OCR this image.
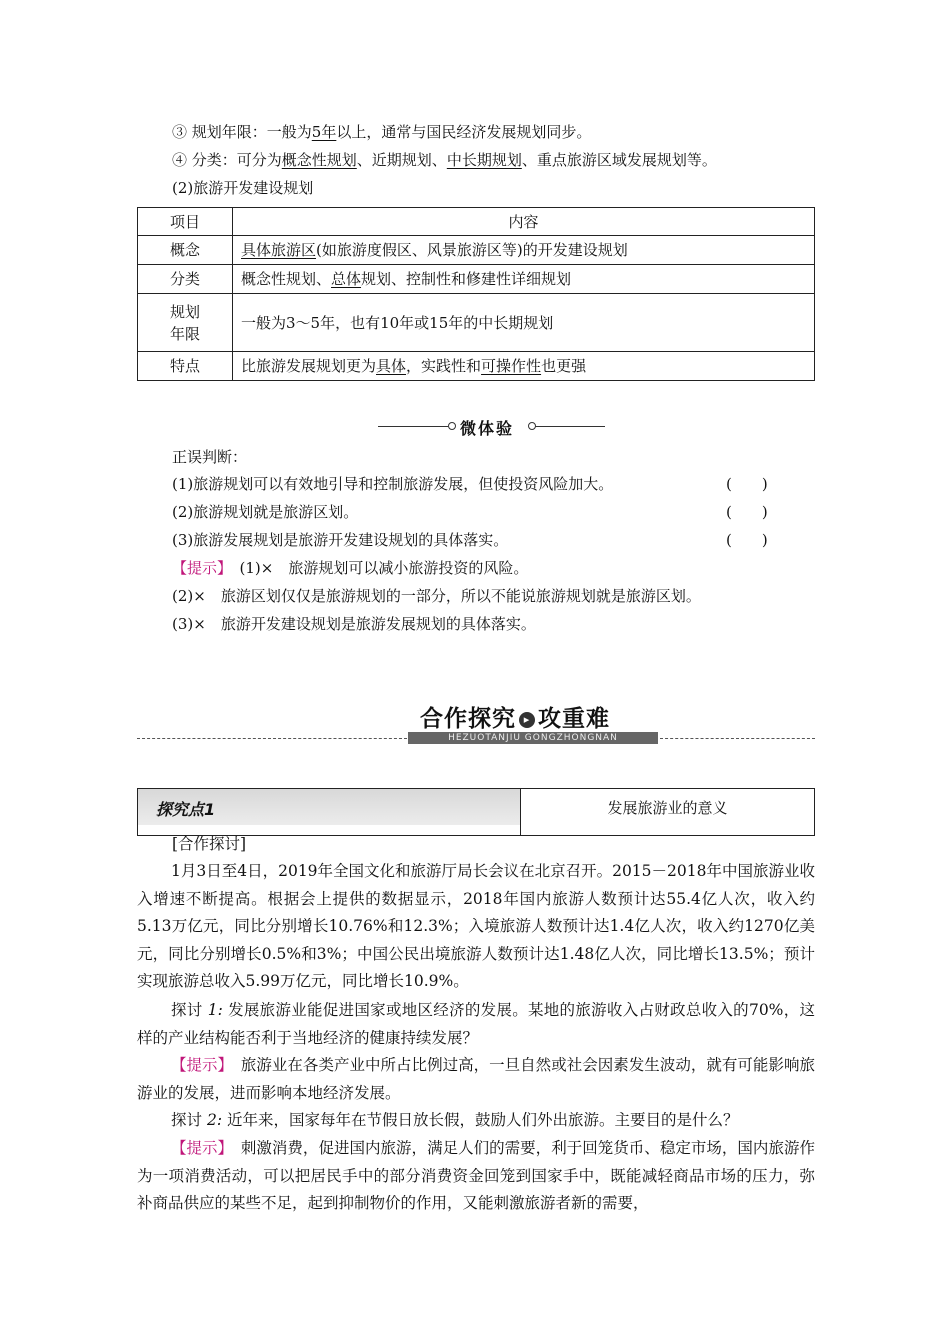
③ 规划年限：一般为5年以上，通常与国民经济发展规划同步。
④ 分类：可分为概念性规划、近期规划、中长期规划、重点旅游区域发展规划等。
(2)旅游开发建设规划
项目	内容
概念	具体旅游区(如旅游度假区、风景旅游区等)的开发建设规划
分类	概念性规划、总体规划、控制性和修建性详细规划

规划
年限	一般为3～5年，也有10年或15年的中长期规划
特点	比旅游发展规划更为具体，实践性和可操作性也更强
微体验
正误判断：
(1)旅游规划可以有效地引导和控制旅游发展，但使投资风险加大。	(　　)
(2)旅游规划就是旅游区划。	(　　)
(3)旅游发展规划是旅游开发建设规划的具体落实。	(　　)
【提示】　 (1)×　旅游规划可以减小旅游投资的风险。
(2)×　旅游区划仅仅是旅游规划的一部分，所以不能说旅游规划就是旅游区划。
(3)×　旅游开发建设规划是旅游发展规划的具体落实。
合作探究 ▸ 攻重难
HEZUOTANJIU GONGZHONGNAN
探究点1	发展旅游业的意义
[合作探讨]
1月3日至4日，2019年全国文化和旅游厅局长会议在北京召开。2015－2018年中国旅游业收入增速不断提高。根据会上提供的数据显示，2018年国内旅游人数预计达55.4亿人次，收入约5.13万亿元，同比分别增长10.76%和12.3%；入境旅游人数预计达1.4亿人次，收入约1270亿美元，同比分别增长0.5%和3%；中国公民出境旅游人数预计达1.48亿人次，同比增长13.5%；预计实现旅游总收入5.99万亿元，同比增长10.9%。
探讨 1: 发展旅游业能促进国家或地区经济的发展。某地的旅游收入占财政总收入的70%，这样的产业结构能否利于当地经济的健康持续发展？
【提示】　 旅游业在各类产业中所占比例过高，一旦自然或社会因素发生波动，就有可能影响旅游业的发展，进而影响本地经济发展。
探讨 2: 近年来，国家每年在节假日放长假，鼓励人们外出旅游。主要目的是什么？
【提示】　 刺激消费，促进国内旅游，满足人们的需要，利于回笼货币、稳定市场，国内旅游作为一项消费活动，可以把居民手中的部分消费资金回笼到国家手中，既能减轻商品市场的压力，弥补商品供应的某些不足，起到抑制物价的作用，又能刺激旅游者新的需要，
